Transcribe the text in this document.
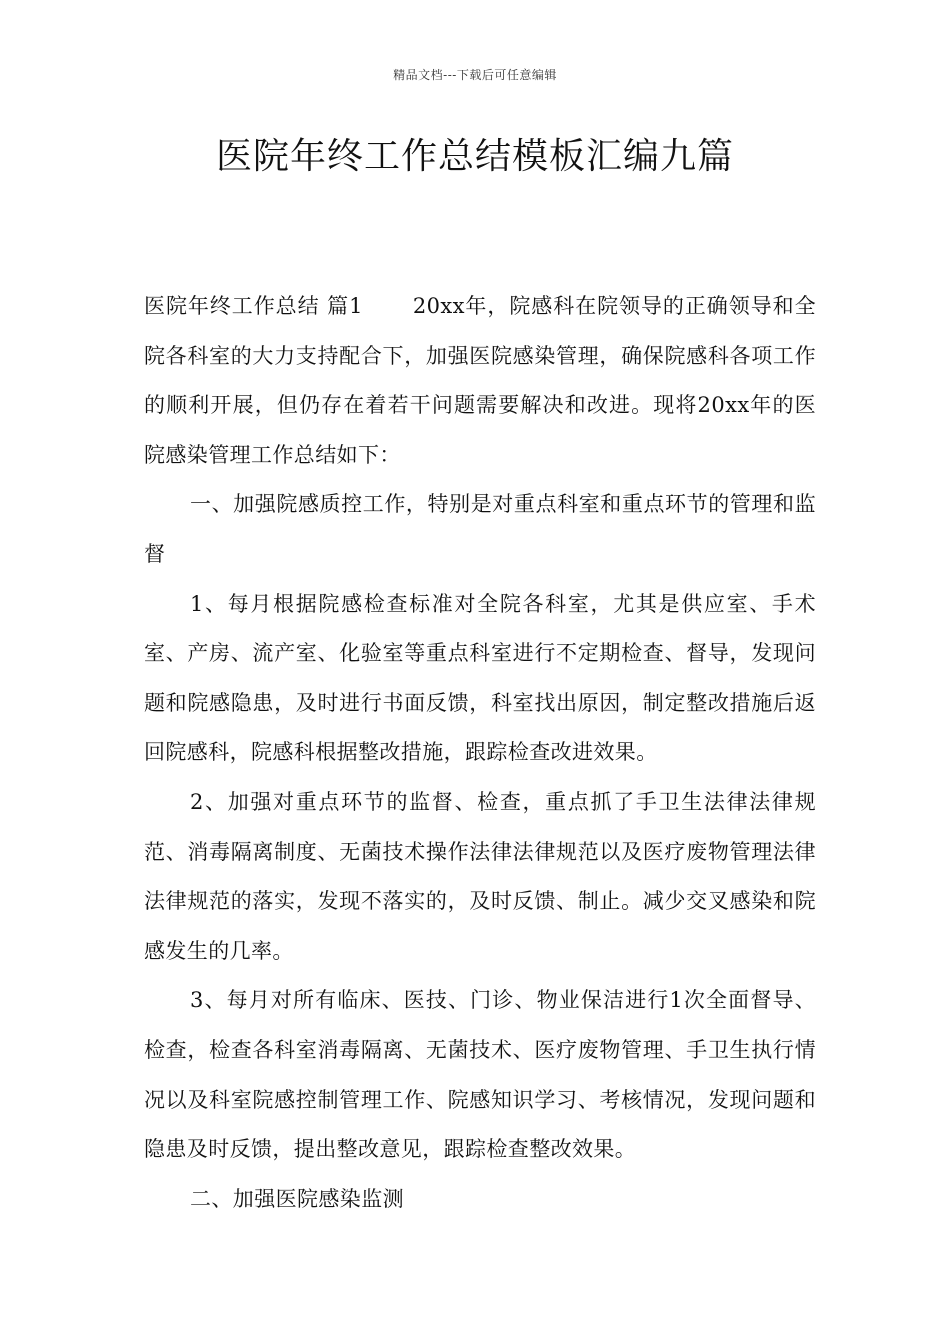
精品文档---下载后可任意编辑
医院年终工作总结模板汇编九篇

医院年终工作总结 篇1 20xx年，院感科在院领导的正确领导和全院各科室的大力支持配合下，加强医院感染管理，确保院感科各项工作的顺利开展，但仍存在着若干问题需要解决和改进。现将20xx年的医院感染管理工作总结如下：

一、加强院感质控工作，特别是对重点科室和重点环节的管理和监督

1、每月根据院感检查标准对全院各科室，尤其是供应室、手术室、产房、流产室、化验室等重点科室进行不定期检查、督导，发现问题和院感隐患，及时进行书面反馈，科室找出原因，制定整改措施后返回院感科，院感科根据整改措施，跟踪检查改进效果。

2、加强对重点环节的监督、检查，重点抓了手卫生法律法律规范、消毒隔离制度、无菌技术操作法律法律规范以及医疗废物管理法律法律规范的落实，发现不落实的，及时反馈、制止。减少交叉感染和院感发生的几率。

3、每月对所有临床、医技、门诊、物业保洁进行1次全面督导、检查，检查各科室消毒隔离、无菌技术、医疗废物管理、手卫生执行情况以及科室院感控制管理工作、院感知识学习、考核情况，发现问题和隐患及时反馈，提出整改意见，跟踪检查整改效果。

二、加强医院感染监测
